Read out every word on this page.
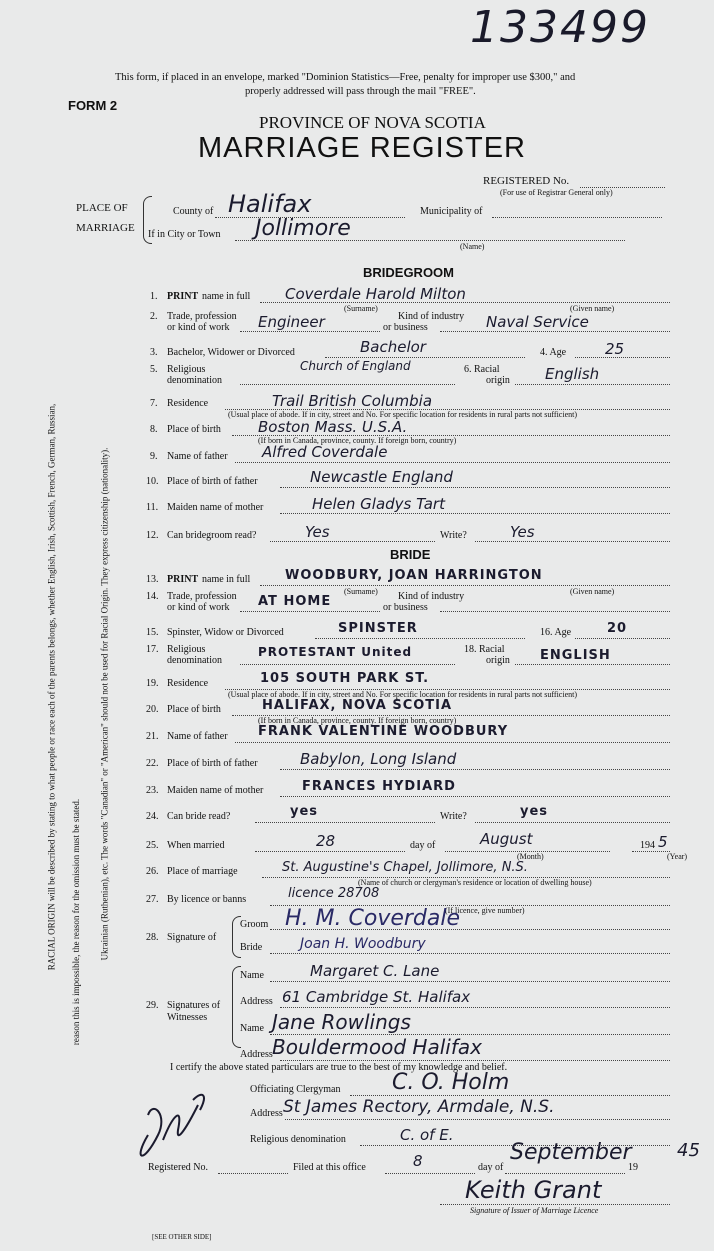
133499
This form, if placed in an envelope, marked "Dominion Statistics—Free, penalty for improper use $300," and
properly addressed will pass through the mail "FREE".
FORM 2
PROVINCE OF NOVA SCOTIA
MARRIAGE REGISTER
REGISTERED No.
(For use of Registrar General only)
PLACE OF
MARRIAGE
County of Halifax	Municipality of
If in City or Town Jollimore
(Name)
BRIDEGROOM
1. PRINT name in full Coverdale Harold Milton
(Surname)	(Given name)
2. Trade, profession
or kind of work Engineer	Kind of industry
or business	Naval Service
3. Bachelor, Widower or Divorced	Bachelor	4. Age	25
5. Religious
denomination
Church of England	6. Racial
origin English
7. Residence	Trail British Columbia
(Usual place of abode. If in city, street and No. For specific location for residents in rural parts not sufficient)
8. Place of birth Boston Mass. U.S.A.
(If born in Canada, province, county. If foreign born, country)
9. Name of father Alfred Coverdale
10. Place of birth of father	Newcastle England
11. Maiden name of mother	Helen Gladys Tart
12. Can bridegroom read?	Yes	Write?	Yes
BRIDE
13. PRINT name in full	WOODBURY, JOAN HARRINGTON
(Surname)	(Given name)
14. Trade, profession
or kind of work AT HOME	Kind of industry
or business
15. Spinster, Widow or Divorced	SPINSTER	16. Age	20
17. Religious
denomination
PROTESTANT United	18. Racial
origin ENGLISH
19. Residence	105 SOUTH PARK ST.
(Usual place of abode. If in city, street and No. For specific location for residents in rural parts not sufficient)
20. Place of birth	HALIFAX, NOVA SCOTIA
(If born in Canada, province, county. If foreign born, country)
21. Name of father FRANK VALENTINE WOODBURY
22. Place of birth of father	Babylon, Long Island
23. Maiden name of mother	FRANCES HYDIARD
24. Can bride read?	yes	Write?	yes
25. When married	28	day of	August
(Month)
194 5
(Year)
26. Place of marriage	St. Augustine's Chapel, Jollimore, N.S.
(Name of church or clergyman's residence or location of dwelling house)
27. By licence or banns	licence 28708
(If licence, give number)
28. Signature of
Groom H. M. Coverdale
Bride	Joan H. Woodbury
29. Signatures of
Witnesses
Name	Margaret C. Lane
Address 61 Cambridge St. Halifax
Name Jane Rowlings
Address Bouldermood Halifax
I certify the above stated particulars are true to the best of my knowledge and belief.
Officiating Clergyman C. O. Holm
Address St James Rectory, Armdale, N.S.
Religious denomination	C. of E.
Registered No.	Filed at this office	8	day of
September
19
45
Keith Grant
Signature of Issuer of Marriage Licence
reason this is impossible, the reason for the omission must be stated.
RACIAL ORIGIN will be described by stating to what people or race each of the parents belongs, whether English, Irish, Scottish, French, German, Russian,	Ukrainian (Ruthenian), etc. The words "Canadian" or "American" should not be used for Racial Origin. They express citizenship (nationality).
[SEE OTHER SIDE]
